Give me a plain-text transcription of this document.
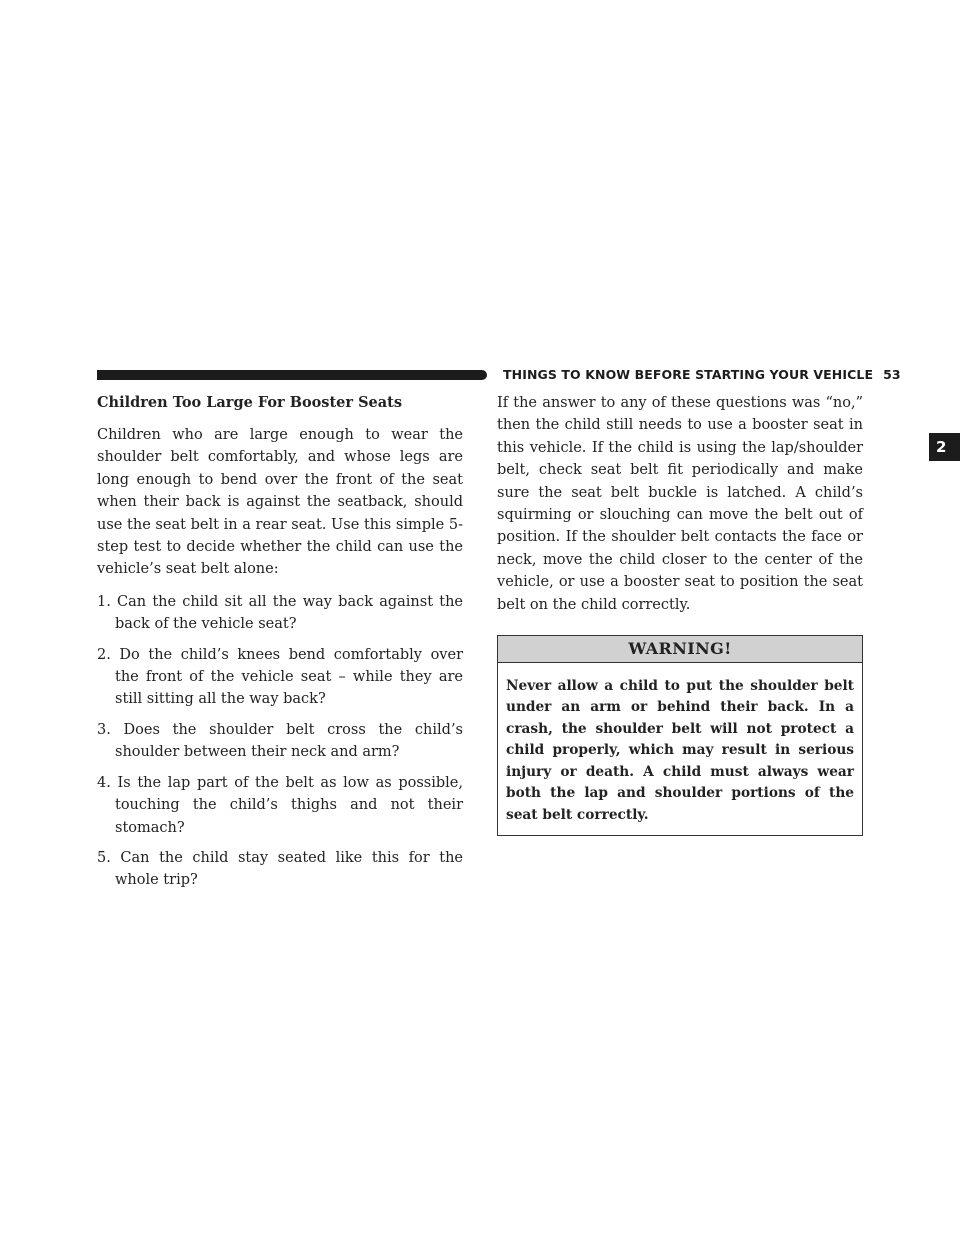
THINGS TO KNOW BEFORE STARTING YOUR VEHICLE 53
2
Children Too Large For Booster Seats

Children who are large enough to wear the shoulder belt comfortably, and whose legs are long enough to bend over the front of the seat when their back is against the seatback, should use the seat belt in a rear seat. Use this simple 5-step test to decide whether the child can use the vehicle’s seat belt alone:

1. Can the child sit all the way back against the back of the vehicle seat?
2. Do the child’s knees bend comfortably over the front of the vehicle seat – while they are still sitting all the way back?
3. Does the shoulder belt cross the child’s shoulder between their neck and arm?
4. Is the lap part of the belt as low as possible, touching the child’s thighs and not their stomach?
5. Can the child stay seated like this for the whole trip?

If the answer to any of these questions was “no,” then the child still needs to use a booster seat in this vehicle. If the child is using the lap/shoulder belt, check seat belt fit periodically and make sure the seat belt buckle is latched. A child’s squirming or slouching can move the belt out of position. If the shoulder belt contacts the face or neck, move the child closer to the center of the vehicle, or use a booster seat to position the seat belt on the child correctly.

WARNING!
Never allow a child to put the shoulder belt under an arm or behind their back. In a crash, the shoulder belt will not protect a child properly, which may result in serious injury or death. A child must always wear both the lap and shoulder portions of the seat belt correctly.
